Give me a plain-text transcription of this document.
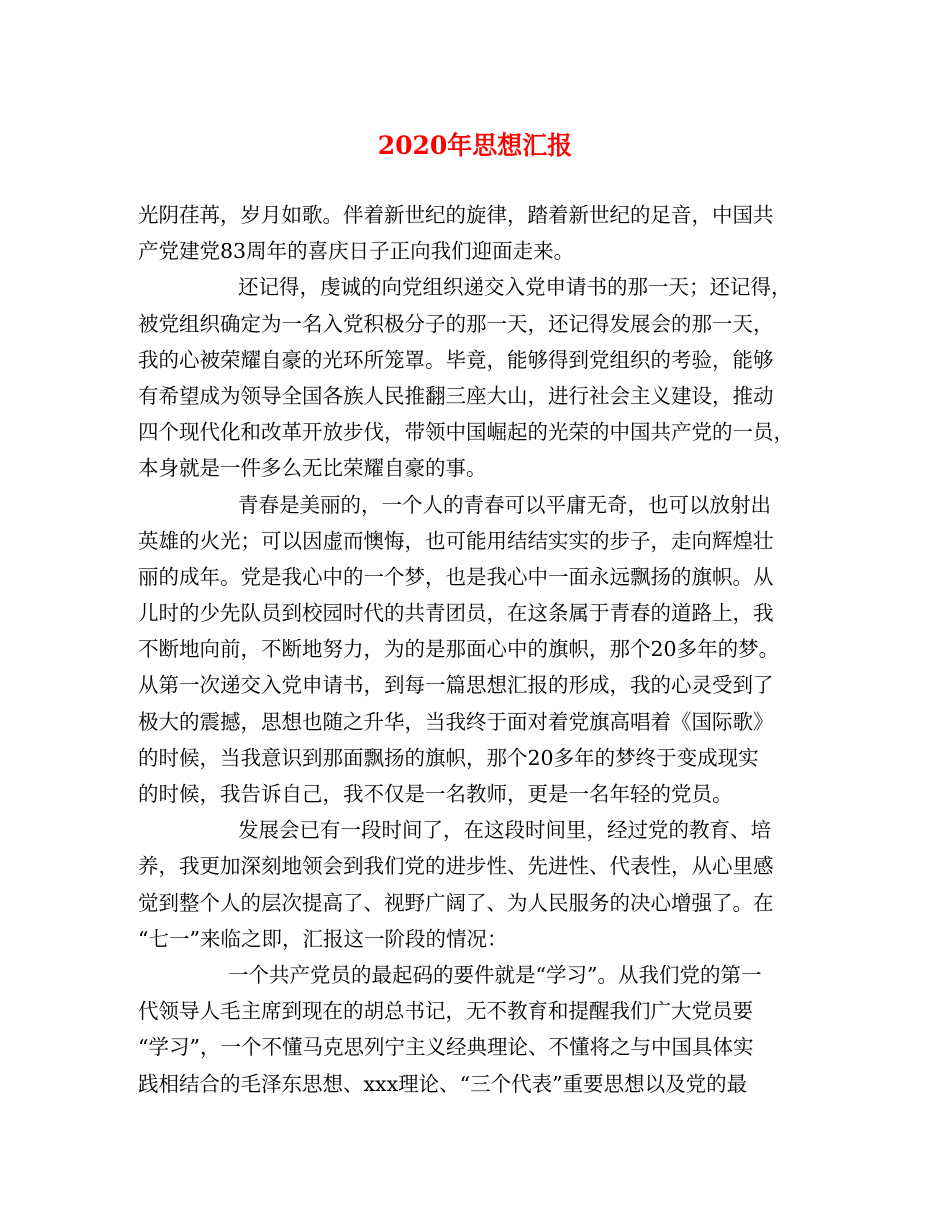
2020年思想汇报
光阴荏苒，岁月如歌。伴着新世纪的旋律，踏着新世纪的足音，中国共
产党建党83周年的喜庆日子正向我们迎面走来。
还记得，虔诚的向党组织递交入党申请书的那一天；还记得，
被党组织确定为一名入党积极分子的那一天，还记得发展会的那一天，
我的心被荣耀自豪的光环所笼罩。毕竟，能够得到党组织的考验，能够
有希望成为领导全国各族人民推翻三座大山，进行社会主义建设，推动
四个现代化和改革开放步伐，带领中国崛起的光荣的中国共产党的一员，
本身就是一件多么无比荣耀自豪的事。
青春是美丽的，一个人的青春可以平庸无奇，也可以放射出
英雄的火光；可以因虚而懊悔，也可能用结结实实的步子，走向辉煌壮
丽的成年。党是我心中的一个梦，也是我心中一面永远飘扬的旗帜。从
儿时的少先队员到校园时代的共青团员，在这条属于青春的道路上，我
不断地向前，不断地努力，为的是那面心中的旗帜，那个20多年的梦。
从第一次递交入党申请书，到每一篇思想汇报的形成，我的心灵受到了
极大的震撼，思想也随之升华，当我终于面对着党旗高唱着《国际歌》
的时候，当我意识到那面飘扬的旗帜，那个20多年的梦终于变成现实
的时候，我告诉自己，我不仅是一名教师，更是一名年轻的党员。
发展会已有一段时间了，在这段时间里，经过党的教育、培
养，我更加深刻地领会到我们党的进步性、先进性、代表性，从心里感
觉到整个人的层次提高了、视野广阔了、为人民服务的决心增强了。在
“七一”来临之即，汇报这一阶段的情况：
一个共产党员的最起码的要件就是“学习”。从我们党的第一
代领导人毛主席到现在的胡总书记，无不教育和提醒我们广大党员要
“学习”，一个不懂马克思列宁主义经典理论、不懂将之与中国具体实
践相结合的毛泽东思想、xxx理论、“三个代表”重要思想以及党的最
